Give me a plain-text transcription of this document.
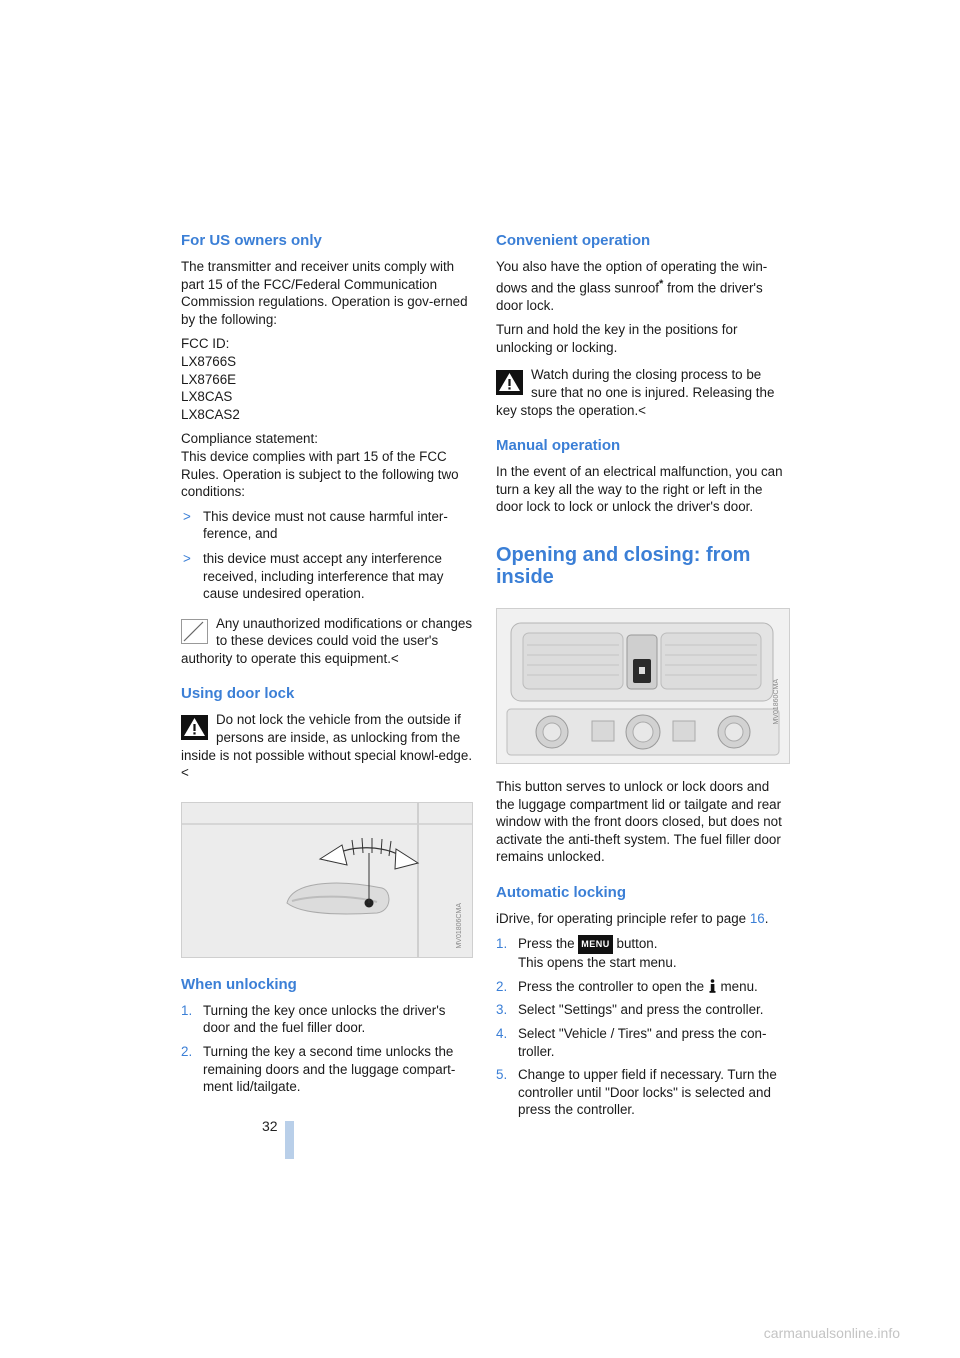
For US owners only

The transmitter and receiver units comply with part 15 of the FCC/Federal Communication Commission regulations. Operation is gov-erned by the following:

FCC ID:
LX8766S
LX8766E
LX8CAS
LX8CAS2

Compliance statement:
This device complies with part 15 of the FCC Rules. Operation is subject to the following two conditions:

> This device must not cause harmful inter-ference, and
> this device must accept any interference received, including interference that may cause undesired operation.
Any unauthorized modifications or changes to these devices could void the user's authority to operate this equipment.<
Using door lock
Do not lock the vehicle from the outside if persons are inside, as unlocking from the inside is not possible without special knowl-edge.<
MV01806CMA
When unlocking
1. Turning the key once unlocks the driver's door and the fuel filler door.
2. Turning the key a second time unlocks the remaining doors and the luggage compart-ment lid/tailgate.
Convenient operation

You also have the option of operating the win-dows and the glass sunroof* from the driver's door lock.

Turn and hold the key in the positions for unlocking or locking.

Watch during the closing process to be sure that no one is injured. Releasing the key stops the operation.<
Manual operation

In the event of an electrical malfunction, you can turn a key all the way to the right or left in the door lock to lock or unlock the driver's door.

Opening and closing: from inside
MV01860CMA

This button serves to unlock or lock doors and the luggage compartment lid or tailgate and rear window with the front doors closed, but does not activate the anti-theft system. The fuel filler door remains unlocked.

Automatic locking

iDrive, for operating principle refer to page 16.

1. Press the MENU button.
This opens the start menu.
2. Press the controller to open the  menu.
3. Select "Settings" and press the controller.
4. Select "Vehicle / Tires" and press the con-troller.
5. Change to upper field if necessary. Turn the controller until "Door locks" is selected and press the controller.
32
carmanualsonline.info
